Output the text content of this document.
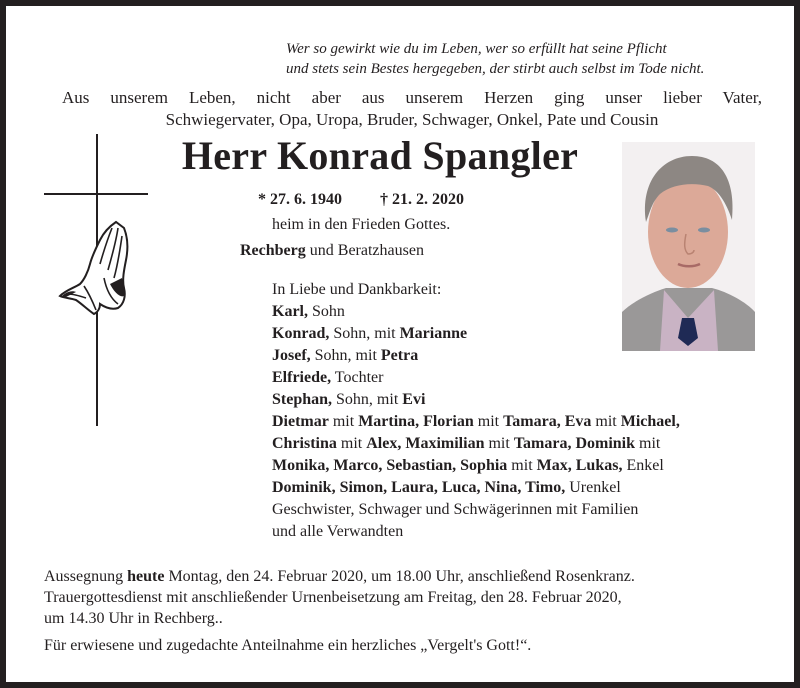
Wer so gewirkt wie du im Leben, wer so erfüllt hat seine Pflicht
und stets sein Bestes hergegeben, der stirbt auch selbst im Tode nicht.
Aus unserem Leben, nicht aber aus unserem Herzen ging unser lieber Vater,
Schwiegervater, Opa, Uropa, Bruder, Schwager, Onkel, Pate und Cousin
Herr Konrad Spangler
* 27. 6. 1940 † 21. 2. 2020
heim in den Frieden Gottes.
Rechberg und Beratzhausen
In Liebe und Dankbarkeit:
Karl, Sohn
Konrad, Sohn, mit Marianne
Josef, Sohn, mit Petra
Elfriede, Tochter
Stephan, Sohn, mit Evi
Dietmar mit Martina, Florian mit Tamara, Eva mit Michael,
Christina mit Alex, Maximilian mit Tamara, Dominik mit
Monika, Marco, Sebastian, Sophia mit Max, Lukas, Enkel
Dominik, Simon, Laura, Luca, Nina, Timo, Urenkel
Geschwister, Schwager und Schwägerinnen mit Familien
und alle Verwandten
Aussegnung heute Montag, den 24. Februar 2020, um 18.00 Uhr, anschließend Rosenkranz.
Trauergottesdienst mit anschließender Urnenbeisetzung am Freitag, den 28. Februar 2020,
um 14.30 Uhr in Rechberg..
Für erwiesene und zugedachte Anteilnahme ein herzliches „Vergelt's Gott!“.
